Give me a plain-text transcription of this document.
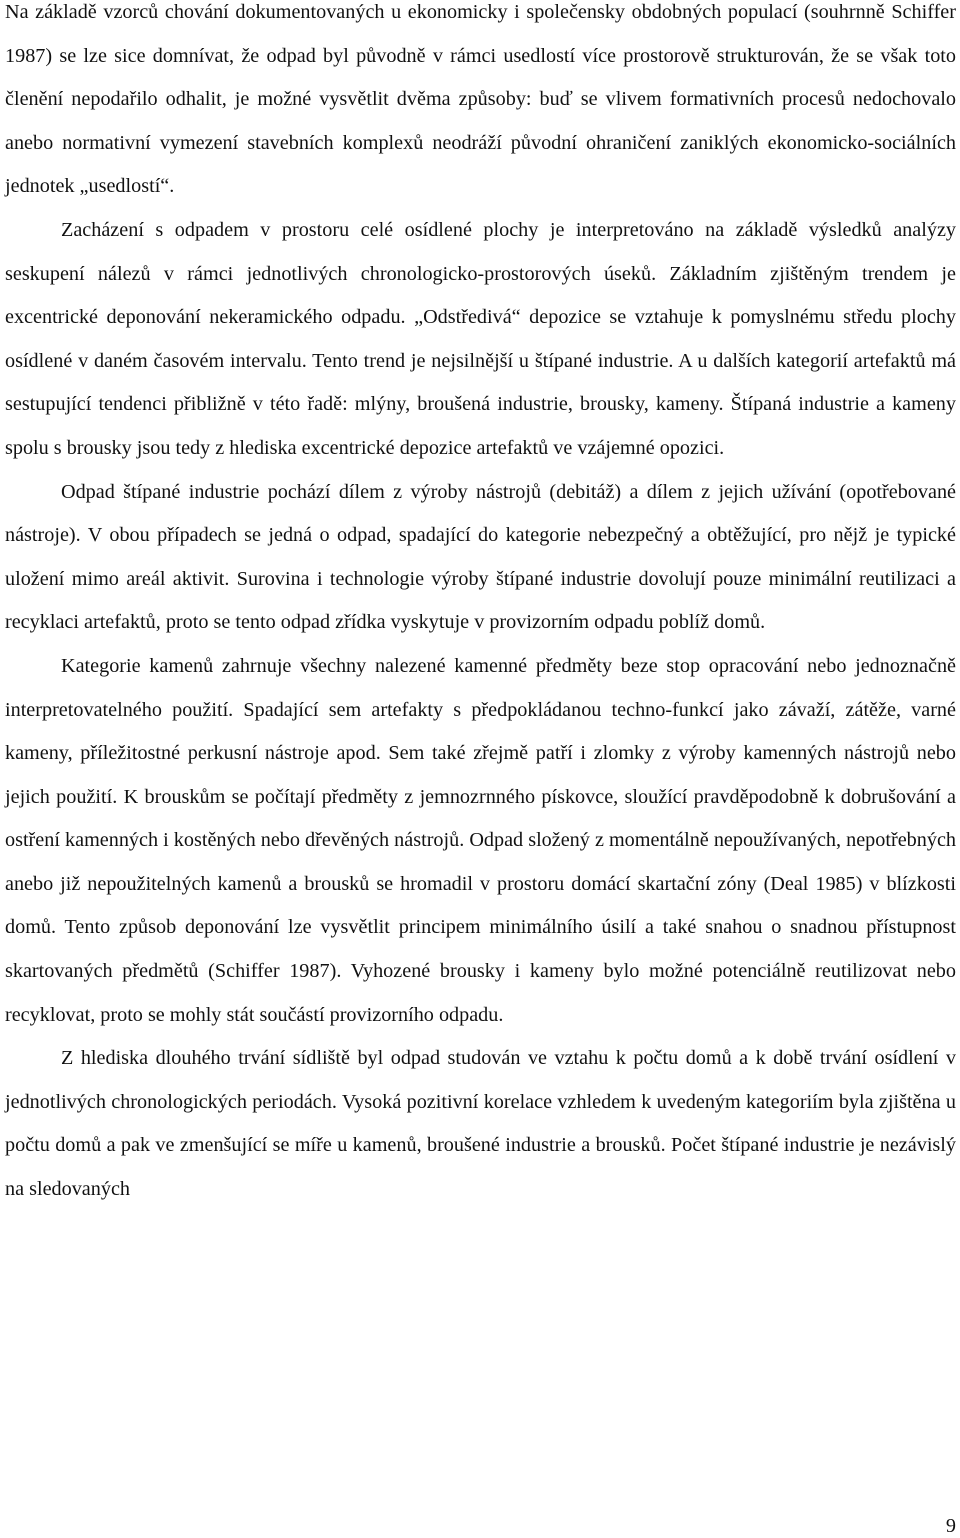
Na základě vzorců chování dokumentovaných u ekonomicky i společensky obdobných populací (souhrnně Schiffer 1987) se lze sice domnívat, že odpad byl původně v rámci usedlostí více prostorově strukturován, že se však toto členění nepodařilo odhalit, je možné vysvětlit dvěma způsoby: buď se vlivem formativních procesů nedochovalo anebo normativní vymezení stavebních komplexů neodráží původní ohraničení zaniklých ekonomicko-sociálních jednotek „usedlostí“.

Zacházení s odpadem v prostoru celé osídlené plochy je interpretováno na základě výsledků analýzy seskupení nálezů v rámci jednotlivých chronologicko-prostorových úseků. Základním zjištěným trendem je excentrické deponování nekeramického odpadu. „Odstředivá“ depozice se vztahuje k pomyslnému středu plochy osídlené v daném časovém intervalu. Tento trend je nejsilnější u štípané industrie. A u dalších kategorií artefaktů má sestupující tendenci přibližně v této řadě: mlýny, broušená industrie, brousky, kameny. Štípaná industrie a kameny spolu s brousky jsou tedy z hlediska excentrické depozice artefaktů ve vzájemné opozici.

Odpad štípané industrie pochází dílem z výroby nástrojů (debitáž) a dílem z jejich užívání (opotřebované nástroje). V obou případech se jedná o odpad, spadající do kategorie nebezpečný a obtěžující, pro nějž je typické uložení mimo areál aktivit. Surovina i technologie výroby štípané industrie dovolují pouze minimální reutilizaci a recyklaci artefaktů, proto se tento odpad zřídka vyskytuje v provizorním odpadu poblíž domů.

Kategorie kamenů zahrnuje všechny nalezené kamenné předměty beze stop opracování nebo jednoznačně interpretovatelného použití. Spadající sem artefakty s předpokládanou techno-funkcí jako závaží, zátěže, varné kameny, příležitostné perkusní nástroje apod. Sem také zřejmě patří i zlomky z výroby kamenných nástrojů nebo jejich použití. K brouskům se počítají předměty z jemnozrnného pískovce, sloužící pravděpodobně k dobrušování a ostření kamenných i kostěných nebo dřevěných nástrojů. Odpad složený z momentálně nepoužívaných, nepotřebných anebo již nepoužitelných kamenů a brousků se hromadil v prostoru domácí skartační zóny (Deal 1985) v blízkosti domů. Tento způsob deponování lze vysvětlit principem minimálního úsilí a také snahou o snadnou přístupnost skartovaných předmětů (Schiffer 1987). Vyhozené brousky i kameny bylo možné potenciálně reutilizovat nebo recyklovat, proto se mohly stát součástí provizorního odpadu.

Z hlediska dlouhého trvání sídliště byl odpad studován ve vztahu k počtu domů a k době trvání osídlení v jednotlivých chronologických periodách. Vysoká pozitivní korelace vzhledem k uvedeným kategoriím byla zjištěna u počtu domů a pak ve zmenšující se míře u kamenů, broušené industrie a brousků. Počet štípané industrie je nezávislý na sledovaných

9
